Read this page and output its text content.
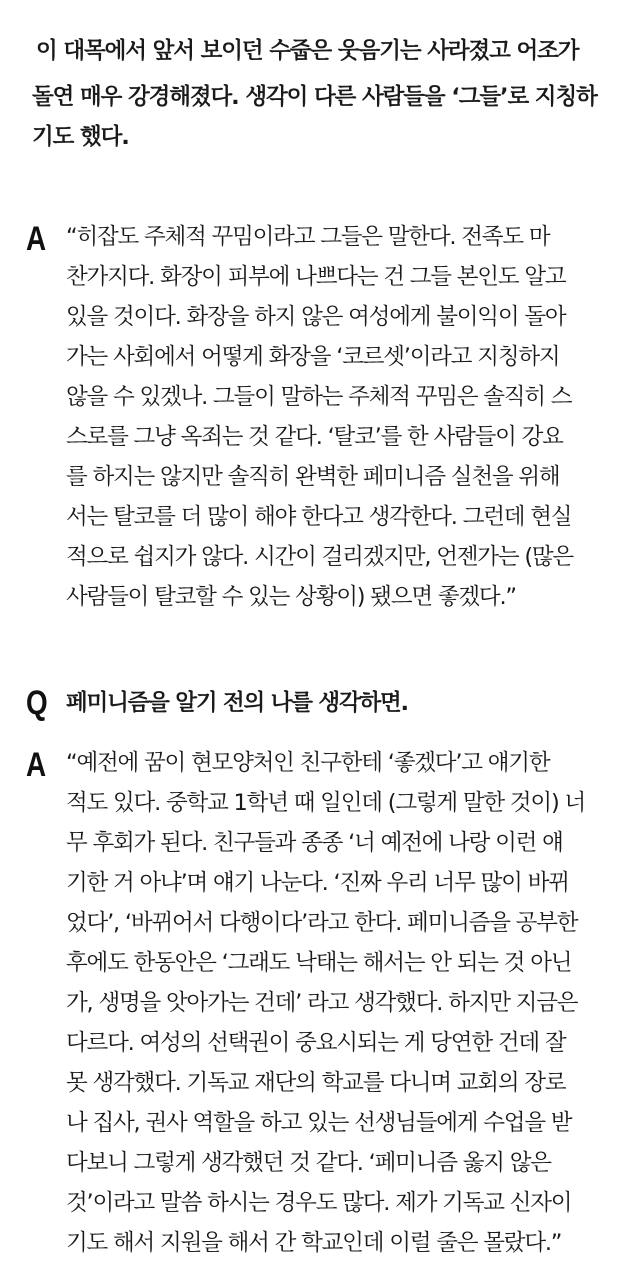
이 대목에서 앞서 보이던 수줍은 웃음기는 사라졌고 어조가
돌연 매우 강경해졌다. 생각이 다른 사람들을 ‘그들’로 지칭하
기도 했다.
A “히잡도 주체적 꾸밈이라고 그들은 말한다. 전족도 마
찬가지다. 화장이 피부에 나쁘다는 건 그들 본인도 알고
있을 것이다. 화장을 하지 않은 여성에게 불이익이 돌아
가는 사회에서 어떻게 화장을 ‘코르셋’이라고 지칭하지
않을 수 있겠나. 그들이 말하는 주체적 꾸밈은 솔직히 스
스로를 그냥 옥죄는 것 같다. ‘탈코’를 한 사람들이 강요
를 하지는 않지만 솔직히 완벽한 페미니즘 실천을 위해
서는 탈코를 더 많이 해야 한다고 생각한다. 그런데 현실
적으로 쉽지가 않다. 시간이 걸리겠지만, 언젠가는 (많은
사람들이 탈코할 수 있는 상황이) 됐으면 좋겠다.”
Q 페미니즘을 알기 전의 나를 생각하면.
A “예전에 꿈이 현모양처인 친구한테 ‘좋겠다’고 얘기한
적도 있다. 중학교 1학년 때 일인데 (그렇게 말한 것이) 너
무 후회가 된다. 친구들과 종종 ‘너 예전에 나랑 이런 얘
기한 거 아냐’며 얘기 나눈다. ‘진짜 우리 너무 많이 바뀌
었다’, ‘바뀌어서 다행이다’라고 한다. 페미니즘을 공부한
후에도 한동안은 ‘그래도 낙태는 해서는 안 되는 것 아닌
가, 생명을 앗아가는 건데’ 라고 생각했다. 하지만 지금은
다르다. 여성의 선택권이 중요시되는 게 당연한 건데 잘
못 생각했다. 기독교 재단의 학교를 다니며 교회의 장로
나 집사, 권사 역할을 하고 있는 선생님들에게 수업을 받
다보니 그렇게 생각했던 것 같다. ‘페미니즘 옳지 않은
것’이라고 말씀 하시는 경우도 많다. 제가 기독교 신자이
기도 해서 지원을 해서 간 학교인데 이럴 줄은 몰랐다.”
